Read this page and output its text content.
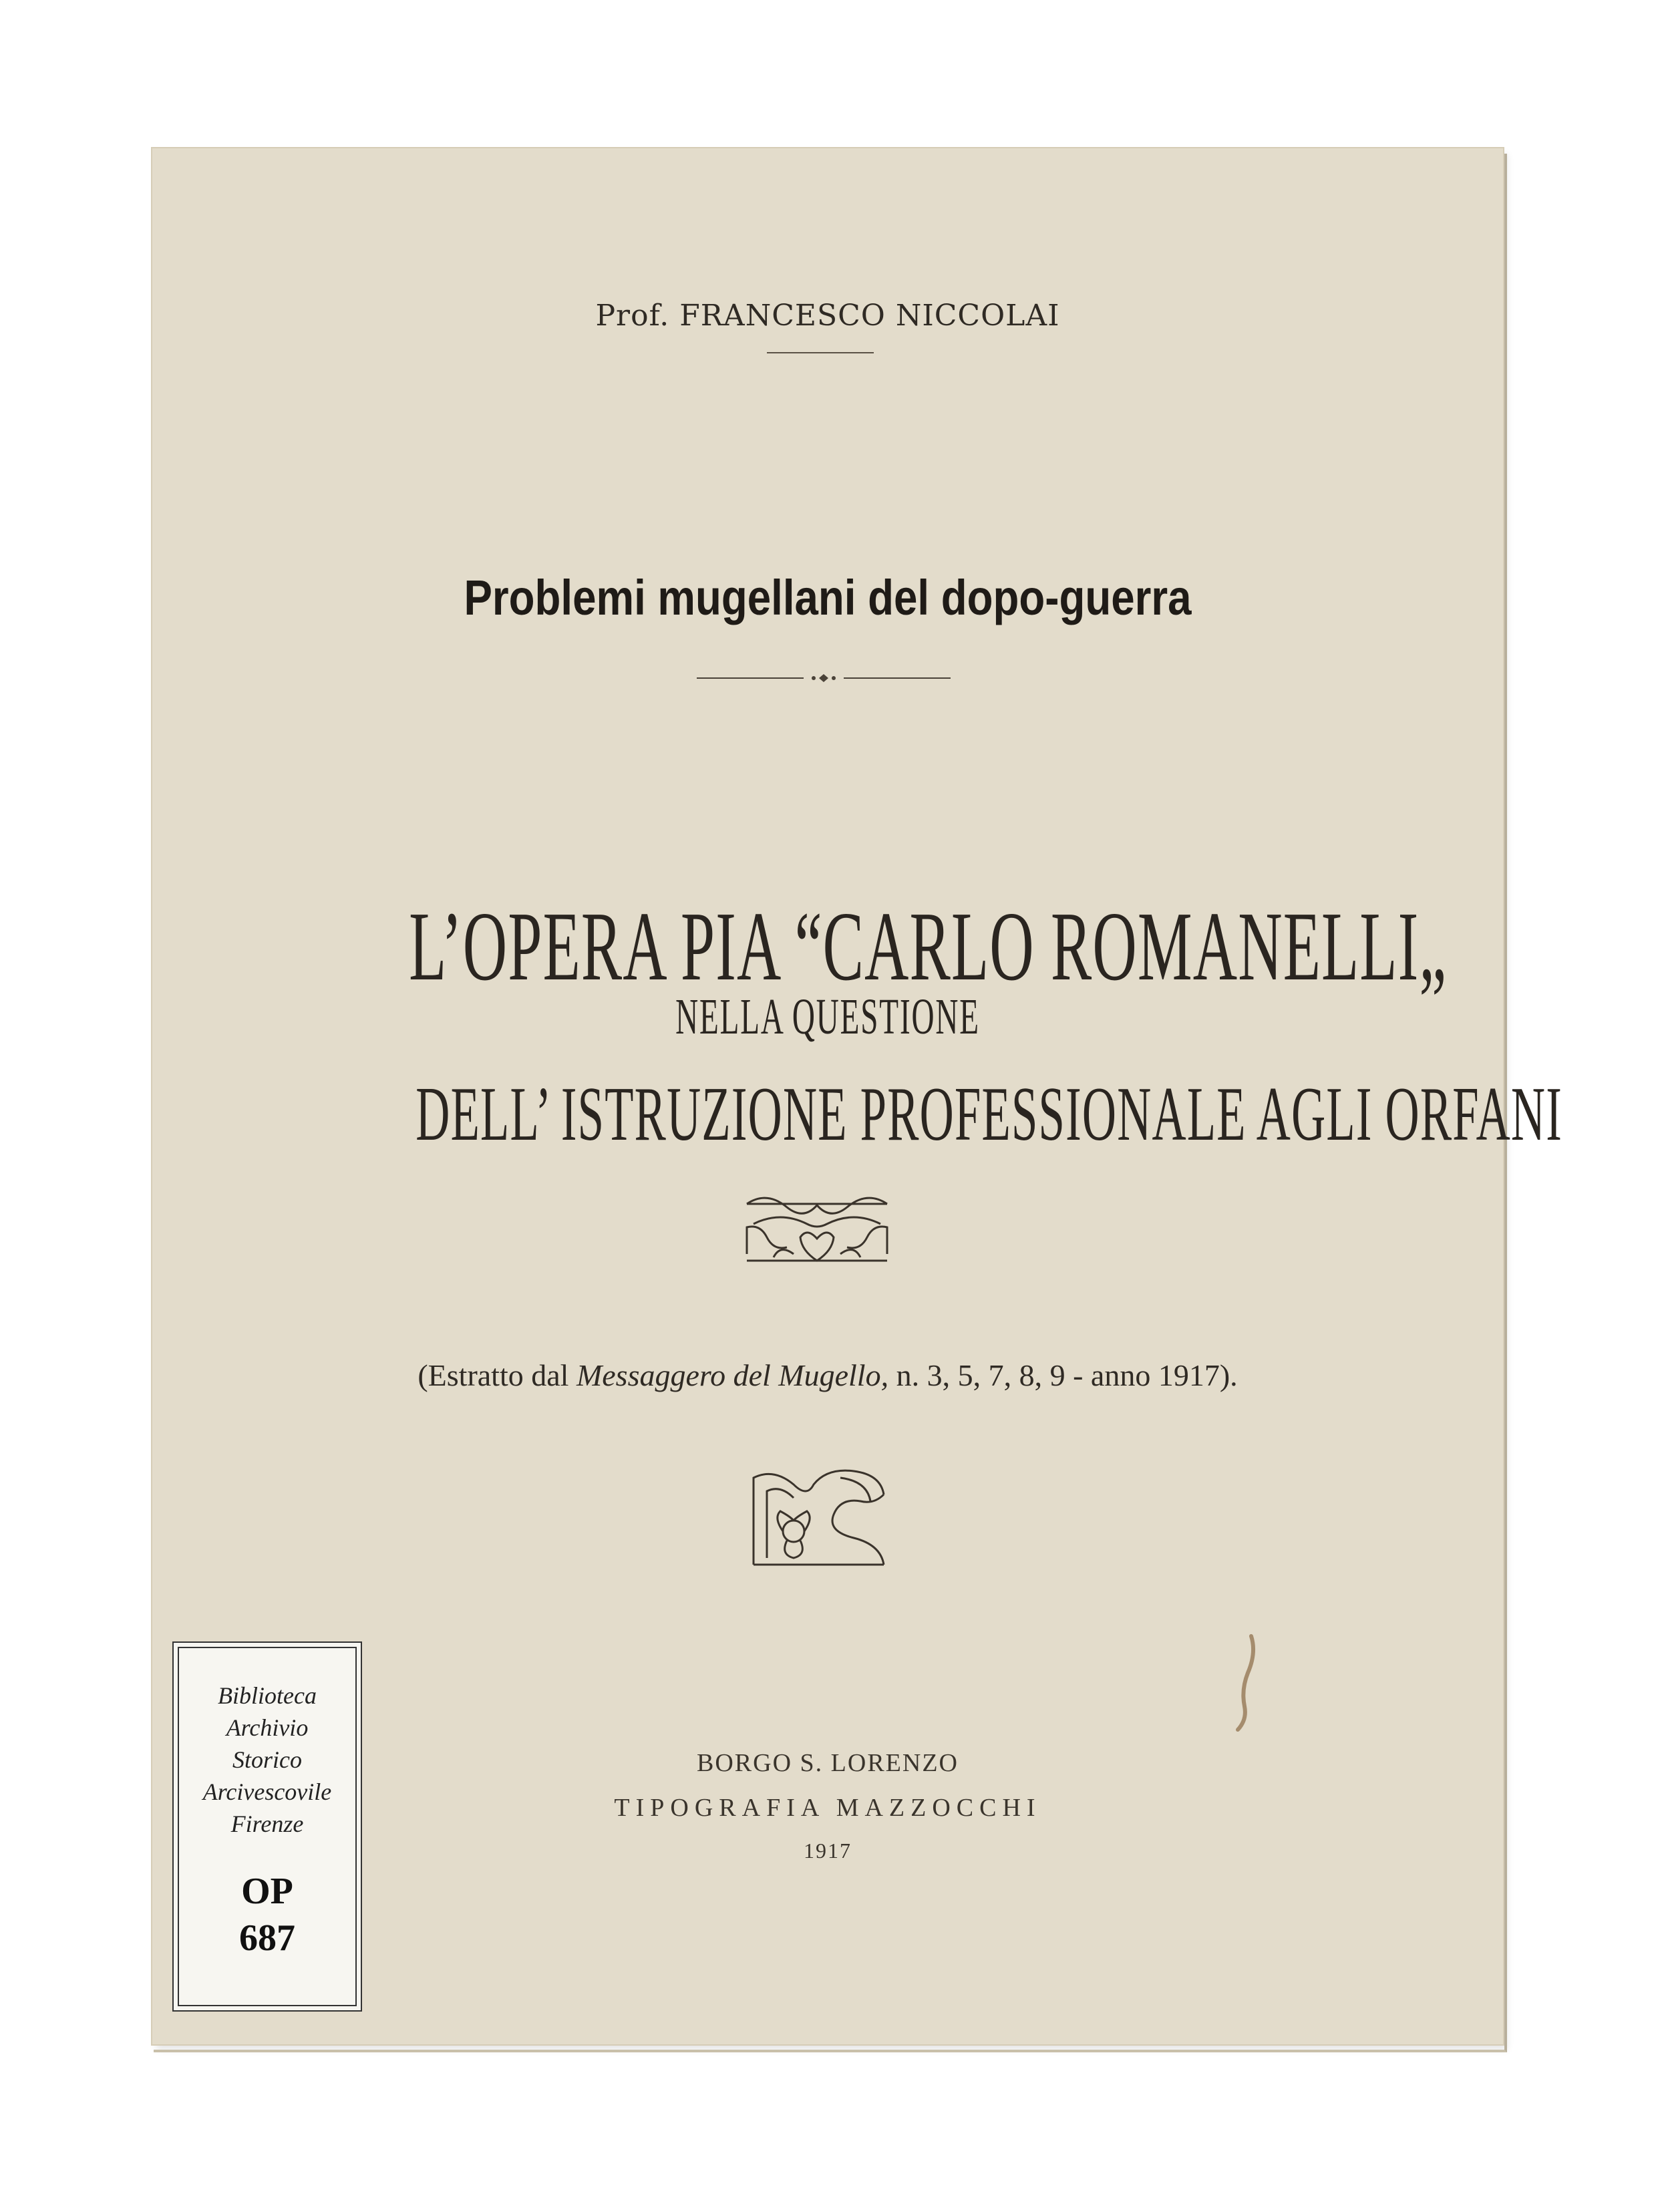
Prof. FRANCESCO NICCOLAI
Problemi mugellani del dopo-guerra
L’OPERA PIA “CARLO ROMANELLI„
NELLA QUESTIONE
DELL’ ISTRUZIONE PROFESSIONALE AGLI ORFANI
(Estratto dal Messaggero del Mugello, n. 3, 5, 7, 8, 9 - anno 1917).
BORGO S. LORENZO
TIPOGRAFIA MAZZOCCHI
1917
Biblioteca
Archivio
Storico
Arcivescovile
Firenze
OP
687
